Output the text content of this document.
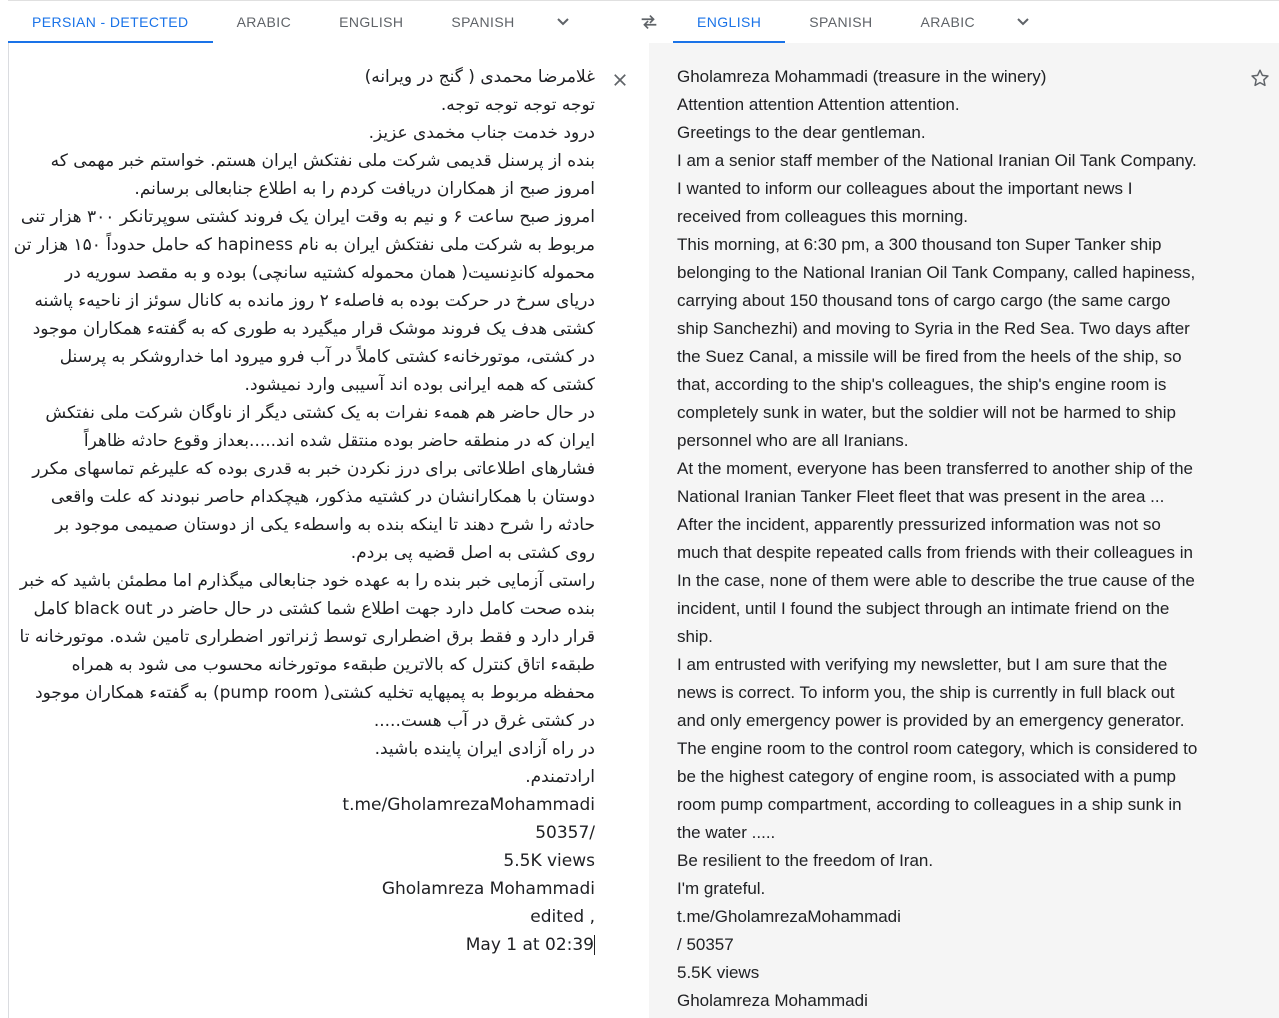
PERSIAN - DETECTED	ARABIC	ENGLISH	SPANISH	ENGLISH	SPANISH	ARABIC
غلامرضا محمدی ( گنج در ویرانه)
توجه توجه توجه توجه.
درود خدمت جناب مخمدی عزیز.
بنده از پرسنل قدیمی شرکت ملی نفتکش ایران هستم. خواستم خبر مهمی که
امروز صبح از همکاران دریافت کردم را به اطلاع جنابعالی برسانم.
امروز صبح ساعت ۶ و نیم به وقت ایران یک فروند کشتی سوپرتانکر ۳۰۰ هزار تنی
مربوط به شرکت ملی نفتکش ایران به نام hapiness که حامل حدوداً ۱۵۰ هزار تن
محموله کاندِنسیت( همان محموله کشتیه سانچی) بوده و به مقصد سوریه در
دریای سرخ در حرکت بوده به فاصلهء ۲ روز مانده به کانال سوئز از ناحیهء پاشنه
کشتی هدف یک فروند موشک قرار میگیرد به طوری که به گفتهء همکاران موجود
در کشتی، موتورخانهء کشتی کاملاً در آب فرو میرود اما خداروشکر به پرسنل
کشتی که همه ایرانی بوده اند آسیبی وارد نمیشود.
در حال حاضر هم همهء نفرات به یک کشتی دیگر از ناوگان شرکت ملی نفتکش
ایران که در منطقه حاضر بوده منتقل شده اند.....بعداز وقوع حادثه ظاهراً
فشارهای اطلاعاتی برای درز نکردن خبر به قدری بوده که علیرغم تماسهای مکرر
دوستان با همکارانشان در کشتیه مذکور، هیچکدام حاصر نبودند که علت واقعی
حادثه را شرح دهند تا اینکه بنده به واسطهء یکی از دوستان صمیمی موجود بر
روی کشتی به اصل قضیه پی بردم.
راستی آزمایی خبر بنده را به عهده خود جنابعالی میگذارم اما مطمئن باشید که خبر
بنده صحت کامل دارد جهت اطلاع شما کشتی در حال حاضر در black out کامل
قرار دارد و فقط برق اضطراری توسط ژنراتور اضطراری تامین شده. موتورخانه تا
طبقهء اتاق کنترل که بالاترین طبقهء موتورخانه محسوب می شود به همراه
محفظه مربوط به پمپهایه تخلیه کشتی( pump room) به گفتهء همکاران موجود
در کشتی غرق در آب هست.....
در راه آزادی ایران پاینده باشید.
ارادتمندم.
t.me/GholamrezaMohammadi
50357/
5.5K views
Gholamreza Mohammadi
edited ,
May 1 at 02:39
Gholamreza Mohammadi (treasure in the winery)
Attention attention Attention attention.
Greetings to the dear gentleman.
I am a senior staff member of the National Iranian Oil Tank Company.
I wanted to inform our colleagues about the important news I
received from colleagues this morning.
This morning, at 6:30 pm, a 300 thousand ton Super Tanker ship
belonging to the National Iranian Oil Tank Company, called hapiness,
carrying about 150 thousand tons of cargo cargo (the same cargo
ship Sanchezhi) and moving to Syria in the Red Sea. Two days after
the Suez Canal, a missile will be fired from the heels of the ship, so
that, according to the ship's colleagues, the ship's engine room is
completely sunk in water, but the soldier will not be harmed to ship
personnel who are all Iranians.
At the moment, everyone has been transferred to another ship of the
National Iranian Tanker Fleet fleet that was present in the area ...
After the incident, apparently pressurized information was not so
much that despite repeated calls from friends with their colleagues in
In the case, none of them were able to describe the true cause of the
incident, until I found the subject through an intimate friend on the
ship.
I am entrusted with verifying my newsletter, but I am sure that the
news is correct. To inform you, the ship is currently in full black out
and only emergency power is provided by an emergency generator.
The engine room to the control room category, which is considered to
be the highest category of engine room, is associated with a pump
room pump compartment, according to colleagues in a ship sunk in
the water .....
Be resilient to the freedom of Iran.
I'm grateful.
t.me/GholamrezaMohammadi
/ 50357
5.5K views
Gholamreza Mohammadi
